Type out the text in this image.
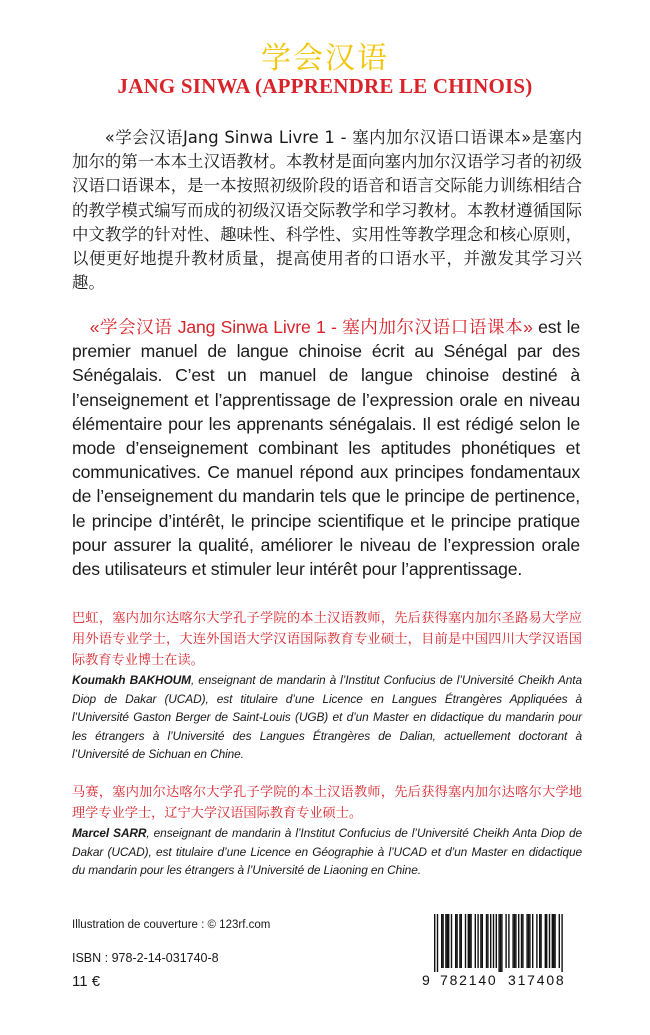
学会汉语
JANG SINWA (APPRENDRE LE CHINOIS)
«学会汉语Jang Sinwa Livre 1 - 塞内加尔汉语口语课本»是塞内加尔的第一本本土汉语教材。本教材是面向塞内加尔汉语学习者的初级汉语口语课本，是一本按照初级阶段的语音和语言交际能力训练相结合的教学模式编写而成的初级汉语交际教学和学习教材。本教材遵循国际中文教学的针对性、趣味性、科学性、实用性等教学理念和核心原则，以便更好地提升教材质量，提高使用者的口语水平，并激发其学习兴趣。
«学会汉语 Jang Sinwa Livre 1 - 塞内加尔汉语口语课本» est le premier manuel de langue chinoise écrit au Sénégal par des Sénégalais. C’est un manuel de langue chinoise destiné à l’enseignement et l’apprentissage de l’expression orale en niveau élémentaire pour les apprenants sénégalais. Il est rédigé selon le mode d’enseignement combinant les aptitudes phonétiques et communicatives. Ce manuel répond aux principes fondamentaux de l’enseignement du mandarin tels que le principe de pertinence, le principe d’intérêt, le principe scientifique et le principe pratique pour assurer la qualité, améliorer le niveau de l’expression orale des utilisateurs et stimuler leur intérêt pour l’apprentissage.
巴虹，塞内加尔达喀尔大学孔子学院的本土汉语教师，先后获得塞内加尔圣路易大学应用外语专业学士，大连外国语大学汉语国际教育专业硕士，目前是中国四川大学汉语国际教育专业博士在读。
Koumakh BAKHOUM, enseignant de mandarin à l’Institut Confucius de l’Université Cheikh Anta Diop de Dakar (UCAD), est titulaire d’une Licence en Langues Étrangères Appliquées à l’Université Gaston Berger de Saint-Louis (UGB) et d’un Master en didactique du mandarin pour les étrangers à l’Université des Langues Étrangères de Dalian, actuellement doctorant à l’Université de Sichuan en Chine.
马赛，塞内加尔达喀尔大学孔子学院的本土汉语教师，先后获得塞内加尔达喀尔大学地理学专业学士，辽宁大学汉语国际教育专业硕士。
Marcel SARR, enseignant de mandarin à l’Institut Confucius de l’Université Cheikh Anta Diop de Dakar (UCAD), est titulaire d’une Licence en Géographie à l’UCAD et d’un Master en didactique du mandarin pour les étrangers à l’Université de Liaoning en Chine.
Illustration de couverture : © 123rf.com
ISBN : 978-2-14-031740-8
11 €	9 782140 317408
